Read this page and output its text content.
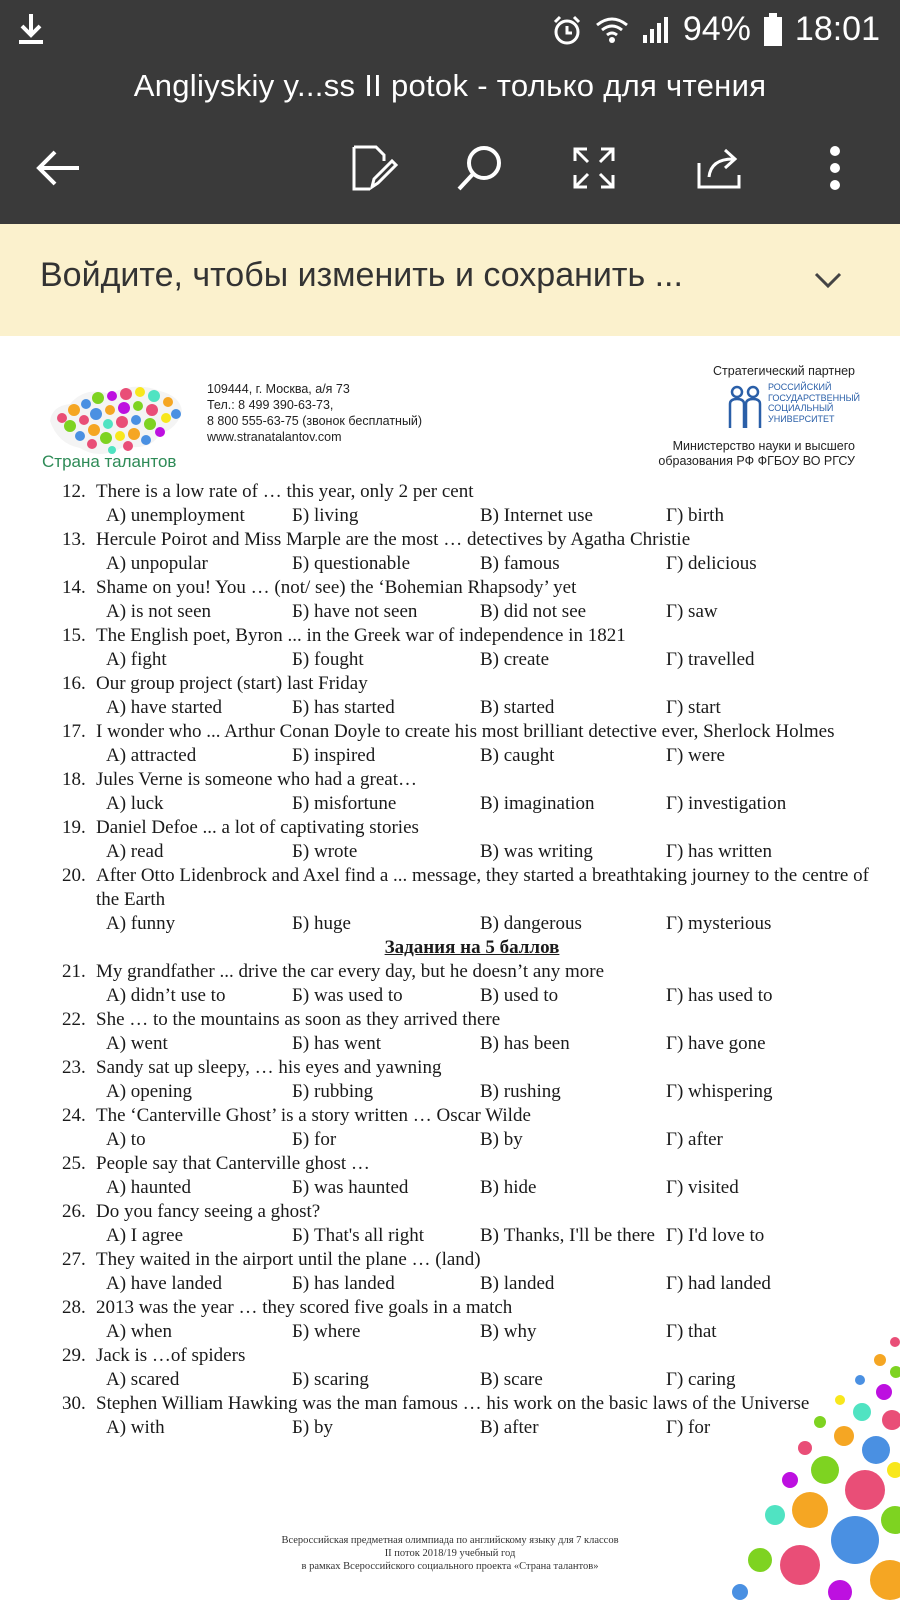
94% 18:01
Angliyskiy y...ss II potok - только для чтения
Войдите, чтобы изменить и сохранить ...
Страна талантов
109444, г. Москва, а/я 73
Тел.: 8 499 390-63-73,
8 800 555-63-75 (звонок бесплатный)
www.stranatalantov.com
Стратегический партнер
РОССИЙСКИЙ
ГОСУДАРСТВЕННЫЙ
СОЦИАЛЬНЫЙ
УНИВЕРСИТЕТ
Министерство науки и высшего
образования РФ ФГБОУ ВО РГСУ
12. There is a low rate of … this year, only 2 per cent
А) unemployment	Б) living	В) Internet use	Г) birth
13. Hercule Poirot and Miss Marple are the most … detectives by Agatha Christie
А) unpopular	Б) questionable	В) famous	Г) delicious
14. Shame on you! You … (not/ see) the ‘Bohemian Rhapsody’ yet
А) is not seen	Б) have not seen	В) did not see	Г) saw
15. The English poet, Byron ... in the Greek war of independence in 1821
А) fight	Б) fought	В) create	Г) travelled
16. Our group project (start) last Friday
А) have started	Б) has started	В) started	Г) start
17. I wonder who ... Arthur Conan Doyle to create his most brilliant detective ever, Sherlock Holmes
А) attracted	Б) inspired	В) caught	Г) were
18. Jules Verne is someone who had a great…
А) luck	Б) misfortune	В) imagination	Г) investigation
19. Daniel Defoe ... a lot of captivating stories
А) read	Б) wrote	В) was writing	Г) has written
20. After Otto Lidenbrock and Axel find a ... message, they started a breathtaking journey to the centre of the Earth
А) funny	Б) huge	В) dangerous	Г) mysterious
Задания на 5 баллов
21. My grandfather ... drive the car every day, but he doesn’t any more
А) didn’t use to	Б) was used to	В) used to	Г) has used to
22. She … to the mountains as soon as they arrived there
А) went	Б) has went	В) has been	Г) have gone
23. Sandy sat up sleepy, … his eyes and yawning
А) opening	Б) rubbing	В) rushing	Г) whispering
24. The ‘Canterville Ghost’ is a story written … Oscar Wilde
А) to	Б) for	В) by	Г) after
25. People say that Canterville ghost …
А) haunted	Б) was haunted	В) hide	Г) visited
26. Do you fancy seeing a ghost?
А) I agree	Б) That's all right	В) Thanks, I'll be there Г) I'd love to
27. They waited in the airport until the plane … (land)
А) have landed	Б) has landed	В) landed	Г) had landed
28. 2013 was the year … they scored five goals in a match
А) when	Б) where	В) why	Г) that
29. Jack is …of spiders
А) scared	Б) scaring	В) scare	Г) caring
30. Stephen William Hawking was the man famous … his work on the basic laws of the Universe
А) with	Б) by	В) after	Г) for
Всероссийская предметная олимпиада по английскому языку для 7 классов
II поток 2018/19 учебный год
в рамках Всероссийского социального проекта «Страна талантов»
